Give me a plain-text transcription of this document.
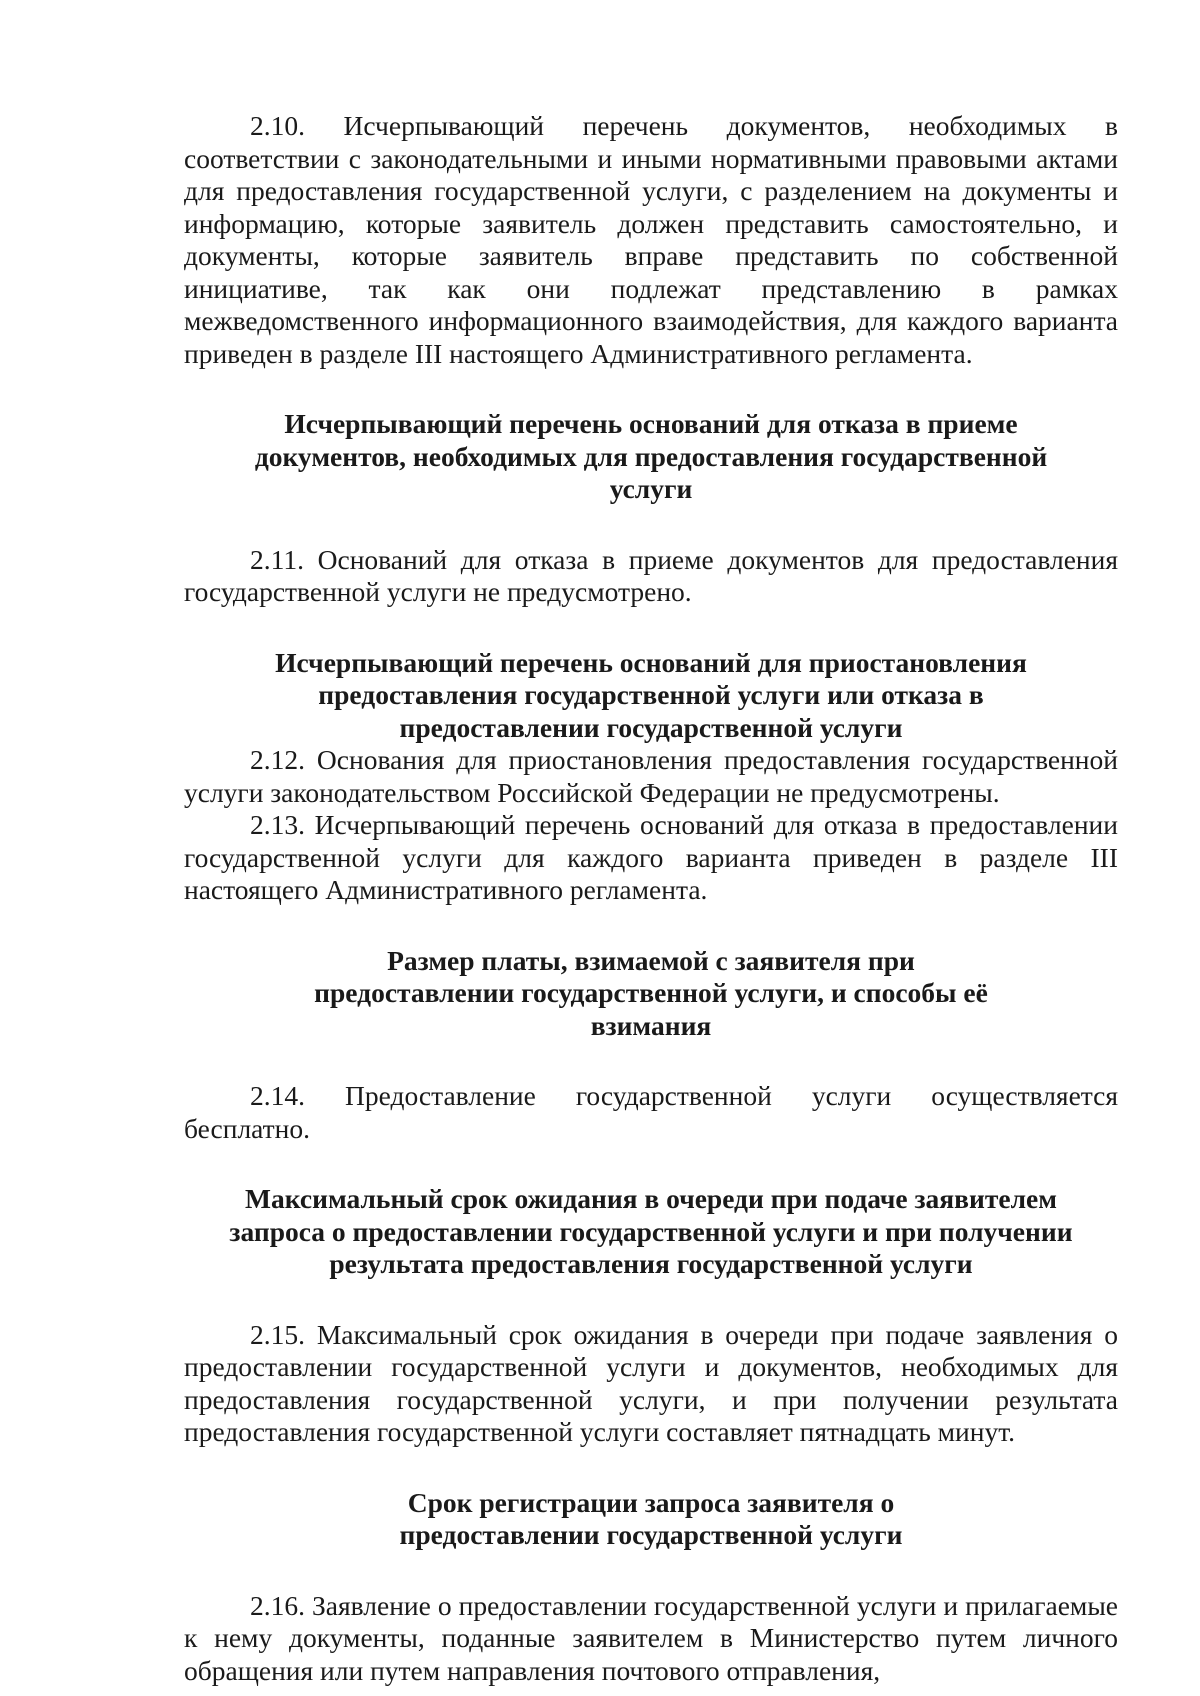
2.10. Исчерпывающий перечень документов, необходимых в соответствии с законодательными и иными нормативными правовыми актами для предоставления государственной услуги, с разделением на документы и информацию, которые заявитель должен представить самостоятельно, и документы, которые заявитель вправе представить по собственной инициативе, так как они подлежат представлению в рамках межведомственного информационного взаимодействия, для каждого варианта приведен в разделе III настоящего Административного регламента.

Исчерпывающий перечень оснований для отказа в приеме документов, необходимых для предоставления государственной услуги

2.11. Оснований для отказа в приеме документов для предоставления государственной услуги не предусмотрено.

Исчерпывающий перечень оснований для приостановления предоставления государственной услуги или отказа в предоставлении государственной услуги

2.12. Основания для приостановления предоставления государственной услуги законодательством Российской Федерации не предусмотрены.

2.13. Исчерпывающий перечень оснований для отказа в предоставлении государственной услуги для каждого варианта приведен в разделе III настоящего Административного регламента.

Размер платы, взимаемой с заявителя при предоставлении государственной услуги, и способы её взимания

2.14. Предоставление государственной услуги осуществляется бесплатно.

Максимальный срок ожидания в очереди при подаче заявителем запроса о предоставлении государственной услуги и при получении результата предоставления государственной услуги

2.15. Максимальный срок ожидания в очереди при подаче заявления о предоставлении государственной услуги и документов, необходимых для предоставления государственной услуги, и при получении результата предоставления государственной услуги составляет пятнадцать минут.

Срок регистрации запроса заявителя о предоставлении государственной услуги

2.16. Заявление о предоставлении государственной услуги и прилагаемые к нему документы, поданные заявителем в Министерство путем личного обращения или путем направления почтового отправления,
